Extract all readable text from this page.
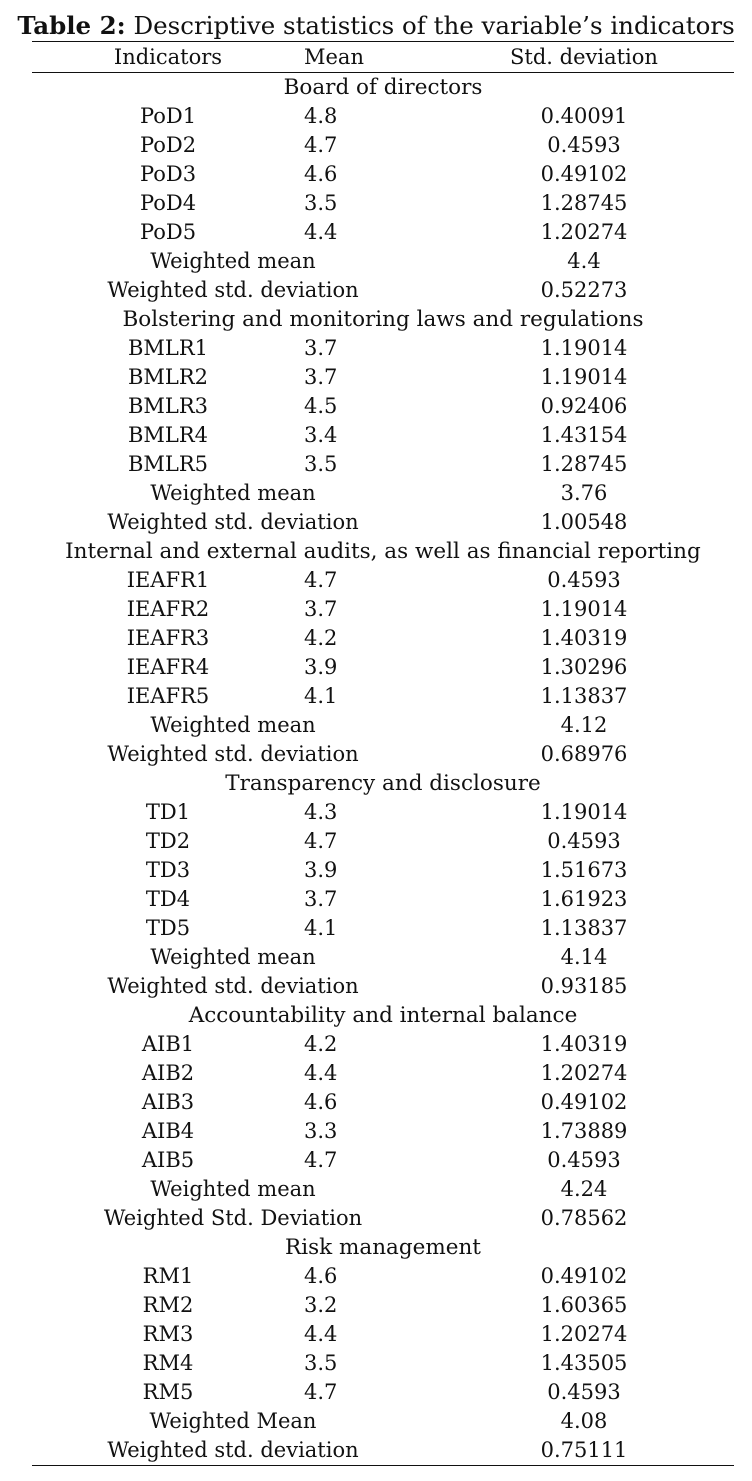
Table 2: Descriptive statistics of the variable’s indicators
Indicators	Mean	Std. deviation
Board of directors		
PoD1	4.8	0.40091
PoD2	4.7	0.4593
PoD3	4.6	0.49102
PoD4	3.5	1.28745
PoD5	4.4	1.20274
Weighted mean		4.4
Weighted std. deviation		0.52273
Bolstering and monitoring laws and regulations		
BMLR1	3.7	1.19014
BMLR2	3.7	1.19014
BMLR3	4.5	0.92406
BMLR4	3.4	1.43154
BMLR5	3.5	1.28745
Weighted mean		3.76
Weighted std. deviation		1.00548
Internal and external audits, as well as financial reporting		
IEAFR1	4.7	0.4593
IEAFR2	3.7	1.19014
IEAFR3	4.2	1.40319
IEAFR4	3.9	1.30296
IEAFR5	4.1	1.13837
Weighted mean		4.12
Weighted std. deviation		0.68976
Transparency and disclosure		
TD1	4.3	1.19014
TD2	4.7	0.4593
TD3	3.9	1.51673
TD4	3.7	1.61923
TD5	4.1	1.13837
Weighted mean		4.14
Weighted std. deviation		0.93185
Accountability and internal balance		
AIB1	4.2	1.40319
AIB2	4.4	1.20274
AIB3	4.6	0.49102
AIB4	3.3	1.73889
AIB5	4.7	0.4593
Weighted mean		4.24
Weighted Std. Deviation		0.78562
Risk management		
RM1	4.6	0.49102
RM2	3.2	1.60365
RM3	4.4	1.20274
RM4	3.5	1.43505
RM5	4.7	0.4593
Weighted Mean		4.08
Weighted std. deviation		0.75111
